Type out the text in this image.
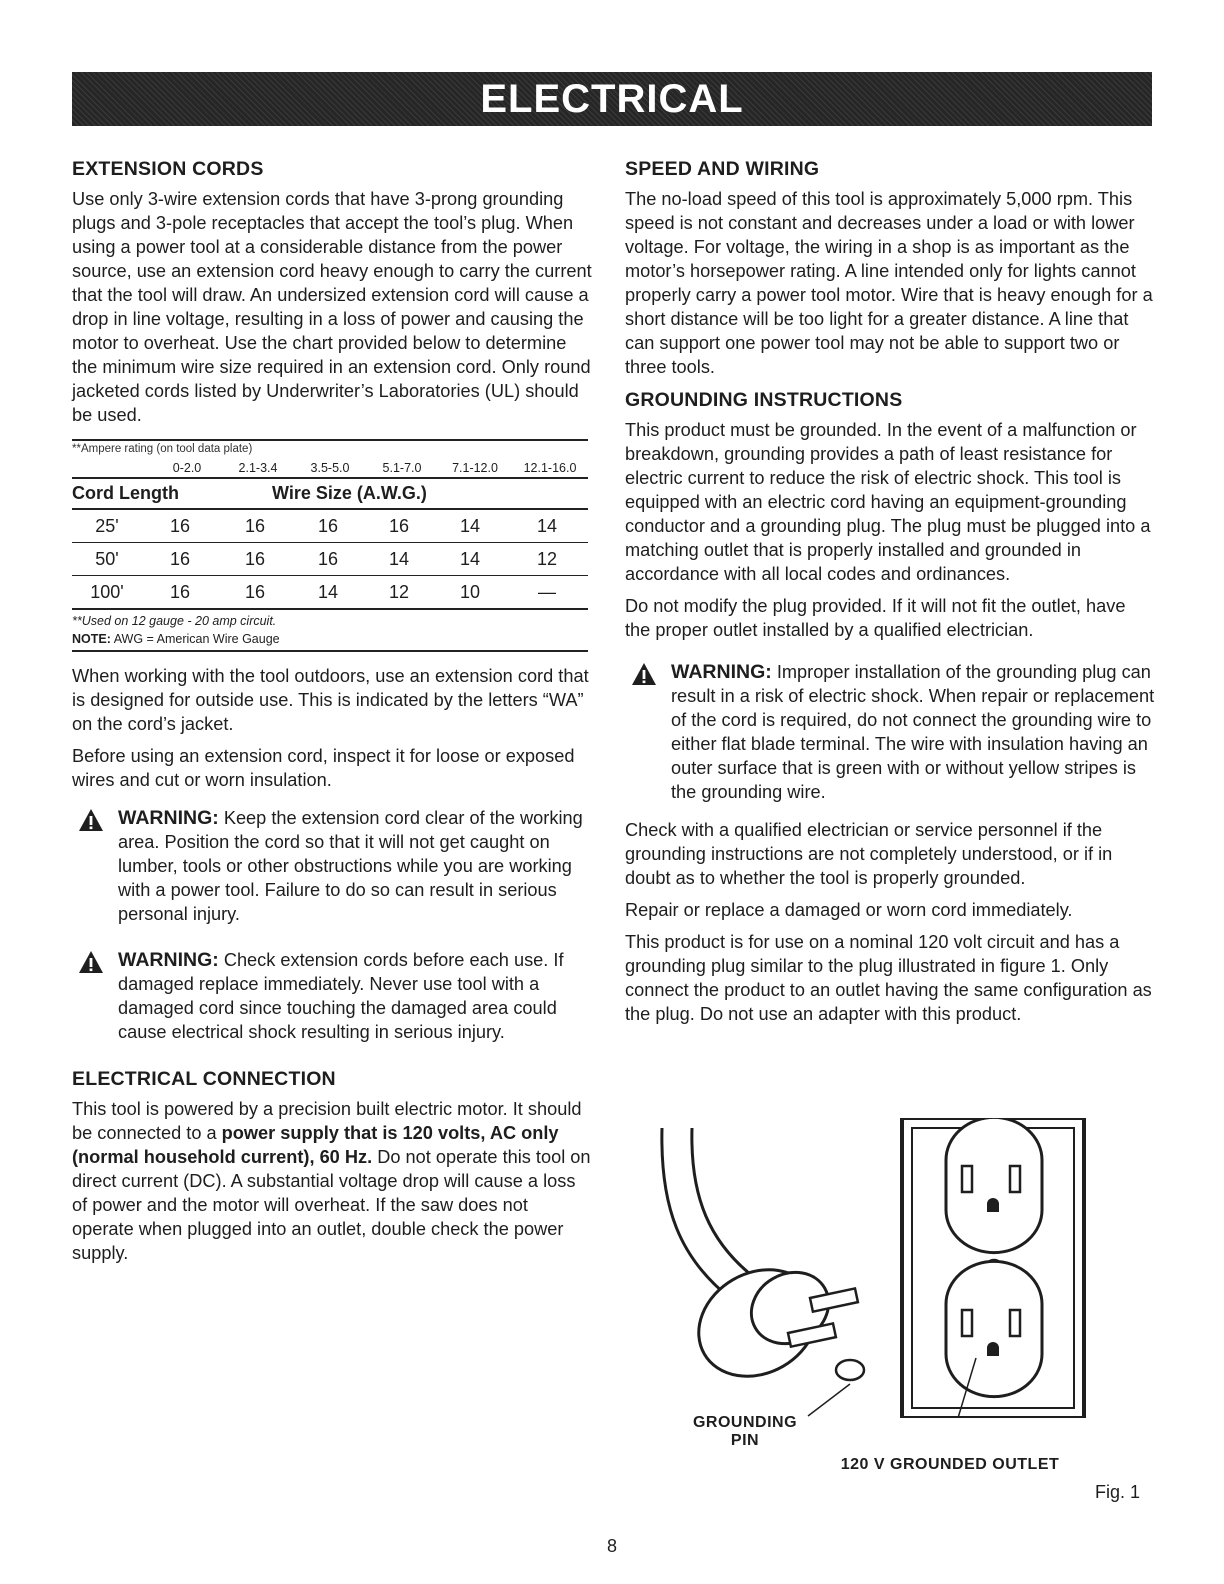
ELECTRICAL
EXTENSION CORDS

Use only 3-wire extension cords that have 3-prong grounding plugs and 3-pole receptacles that accept the tool’s plug. When using a power tool at a considerable distance from the power source, use an extension cord heavy enough to carry the current that the tool will draw. An undersized extension cord will cause a drop in line voltage, resulting in a loss of power and causing the motor to overheat. Use the chart provided below to determine the minimum wire size required in an extension cord. Only round jacketed cords listed by Underwriter’s Laboratories (UL) should be used.

**Ampere rating (on tool data plate)
0-2.0	2.1-3.4	3.5-5.0	5.1-7.0	7.1-12.0	12.1-16.0
Cord Length	Wire Size (A.W.G.)
25'	16	16	16	16	14	14
50'	16	16	16	14	14	12
100'	16	16	14	12	10	—
**Used on 12 gauge - 20 amp circuit.
NOTE: AWG = American Wire Gauge

When working with the tool outdoors, use an extension cord that is designed for outside use. This is indicated by the letters “WA” on the cord’s jacket.

Before using an extension cord, inspect it for loose or exposed wires and cut or worn insulation.

WARNING: Keep the extension cord clear of the working area. Position the cord so that it will not get caught on lumber, tools or other obstructions while you are working with a power tool. Failure to do so can result in serious personal injury.

WARNING: Check extension cords before each use. If damaged replace immediately. Never use tool with a damaged cord since touching the damaged area could cause electrical shock resulting in serious injury.

ELECTRICAL CONNECTION

This tool is powered by a precision built electric motor. It should be connected to a power supply that is 120 volts, AC only (normal household current), 60 Hz. Do not operate this tool on direct current (DC). A substantial voltage drop will cause a loss of power and the motor will overheat. If the saw does not operate when plugged into an outlet, double check the power supply.

SPEED AND WIRING

The no-load speed of this tool is approximately 5,000 rpm. This speed is not constant and decreases under a load or with lower voltage. For voltage, the wiring in a shop is as important as the motor’s horsepower rating. A line intended only for lights cannot properly carry a power tool motor. Wire that is heavy enough for a short distance will be too light for a greater distance. A line that can support one power tool may not be able to support two or three tools.

GROUNDING INSTRUCTIONS

This product must be grounded. In the event of a malfunction or breakdown, grounding provides a path of least resistance for electric current to reduce the risk of electric shock. This tool is equipped with an electric cord having an equipment-grounding conductor and a grounding plug. The plug must be plugged into a matching outlet that is properly installed and grounded in accordance with all local codes and ordinances.

Do not modify the plug provided. If it will not fit the outlet, have the proper outlet installed by a qualified electrician.

WARNING: Improper installation of the grounding plug can result in a risk of electric shock. When repair or replacement of the cord is required, do not connect the grounding wire to either flat blade terminal. The wire with insulation having an outer surface that is green with or without yellow stripes is the grounding wire.

Check with a qualified electrician or service personnel if the grounding instructions are not completely understood, or if in doubt as to whether the tool is properly grounded.

Repair or replace a damaged or worn cord immediately.

This product is for use on a nominal 120 volt circuit and has a grounding plug similar to the plug illustrated in figure 1. Only connect the product to an outlet having the same configuration as the plug. Do not use an adapter with this product.

GROUNDING
PIN
120 V GROUNDED OUTLET
Fig. 1
8
